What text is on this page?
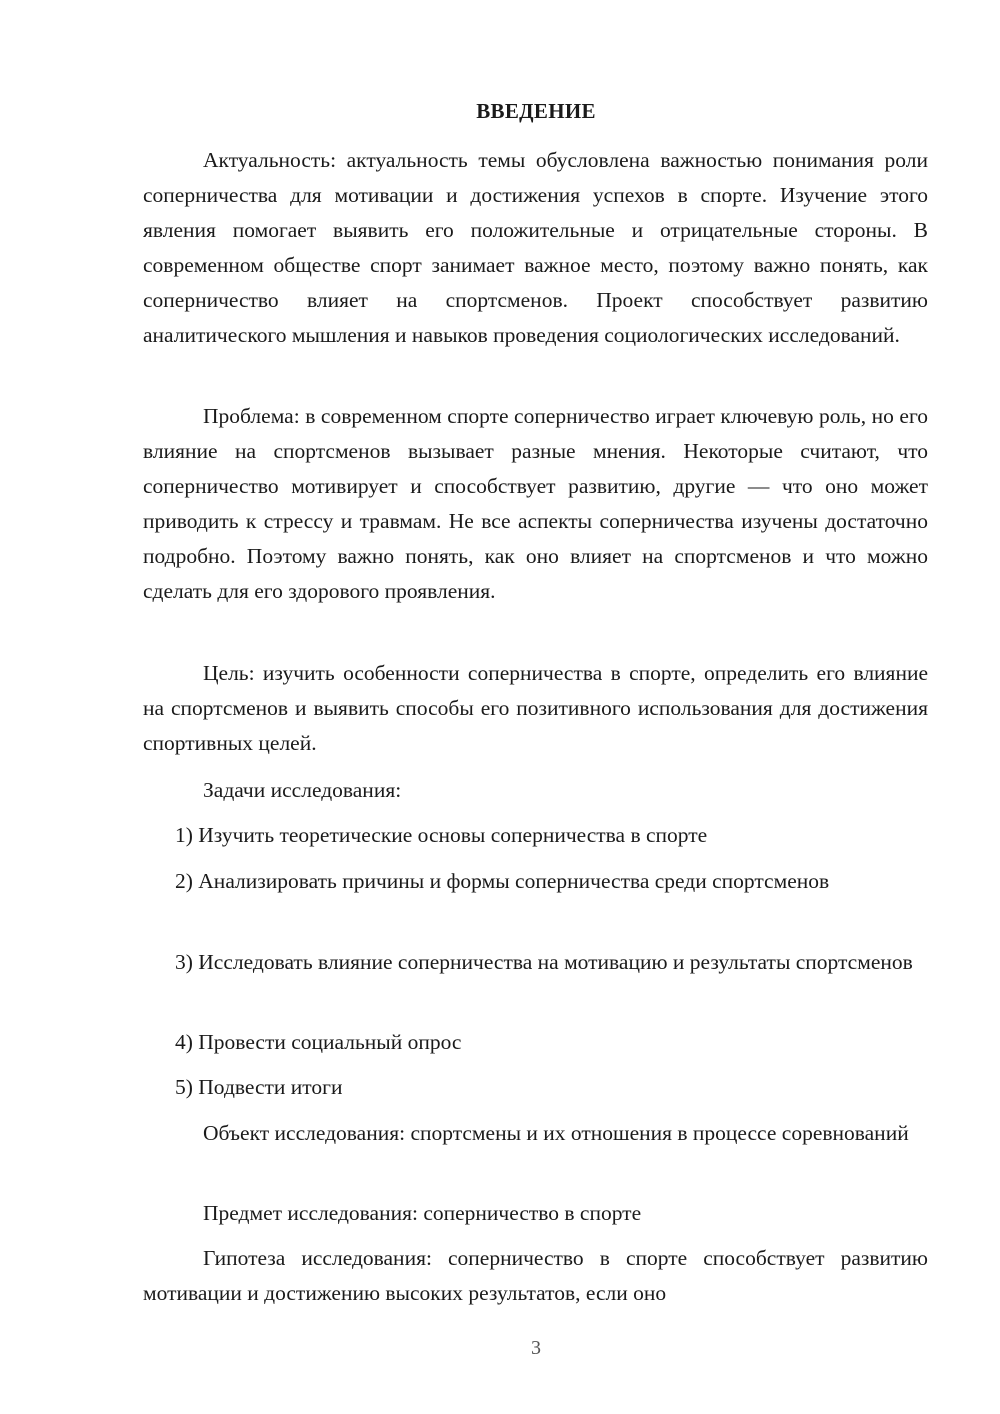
ВВЕДЕНИЕ

Актуальность: актуальность темы обусловлена важностью понимания роли соперничества для мотивации и достижения успехов в спорте. Изучение этого явления помогает выявить его положительные и отрицательные стороны. В современном обществе спорт занимает важное место, поэтому важно понять, как соперничество влияет на спортсменов. Проект способствует развитию аналитического мышления и навыков проведения социологических исследований.

Проблема: в современном спорте соперничество играет ключевую роль, но его влияние на спортсменов вызывает разные мнения. Некоторые считают, что соперничество мотивирует и способствует развитию, другие — что оно может приводить к стрессу и травмам. Не все аспекты соперничества изучены достаточно подробно. Поэтому важно понять, как оно влияет на спортсменов и что можно сделать для его здорового проявления.

Цель: изучить особенности соперничества в спорте, определить его влияние на спортсменов и выявить способы его позитивного использования для достижения спортивных целей.

Задачи исследования:

1) Изучить теоретические основы соперничества в спорте

2) Анализировать причины и формы соперничества среди спортсменов

3) Исследовать влияние соперничества на мотивацию и результаты спортсменов

4) Провести социальный опрос

5) Подвести итоги

Объект исследования: спортсмены и их отношения в процессе соревнований

Предмет исследования: соперничество в спорте

Гипотеза исследования: соперничество в спорте способствует развитию мотивации и достижению высоких результатов, если оно

3
